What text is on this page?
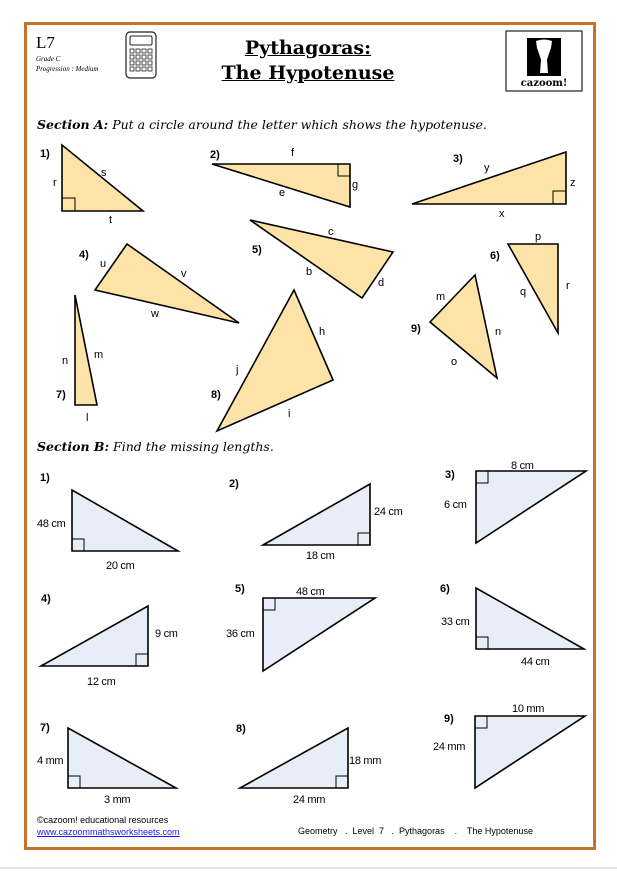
L7
Grade C
Progression : Medium
Pythagoras:
The Hypotenuse	cazoom!
Section A: Put a circle around the letter which shows the hypotenuse.
Section B: Find the missing lengths.
1)
r
s
t
2)	f
e
g
3)
y
z
x
4)
u
v
w
5)
c
b
d
6)
p
q	r
7)
n m
l
8)
h
j
i
9)
m
n
o
1)
48 cm
20 cm
2)
24 cm
18 cm
3)
8 cm
6 cm
4)
9 cm
12 cm
5)	48 cm
36 cm
6)
33 cm
44 cm
7)
4 mm
3 mm
8)
18 mm
24 mm
9)
10 mm
24 mm
©cazoom! educational resources
www.cazoommathsworksheets.com	Geometry   .  Level  7   .  Pythagoras    .    The Hypotenuse
